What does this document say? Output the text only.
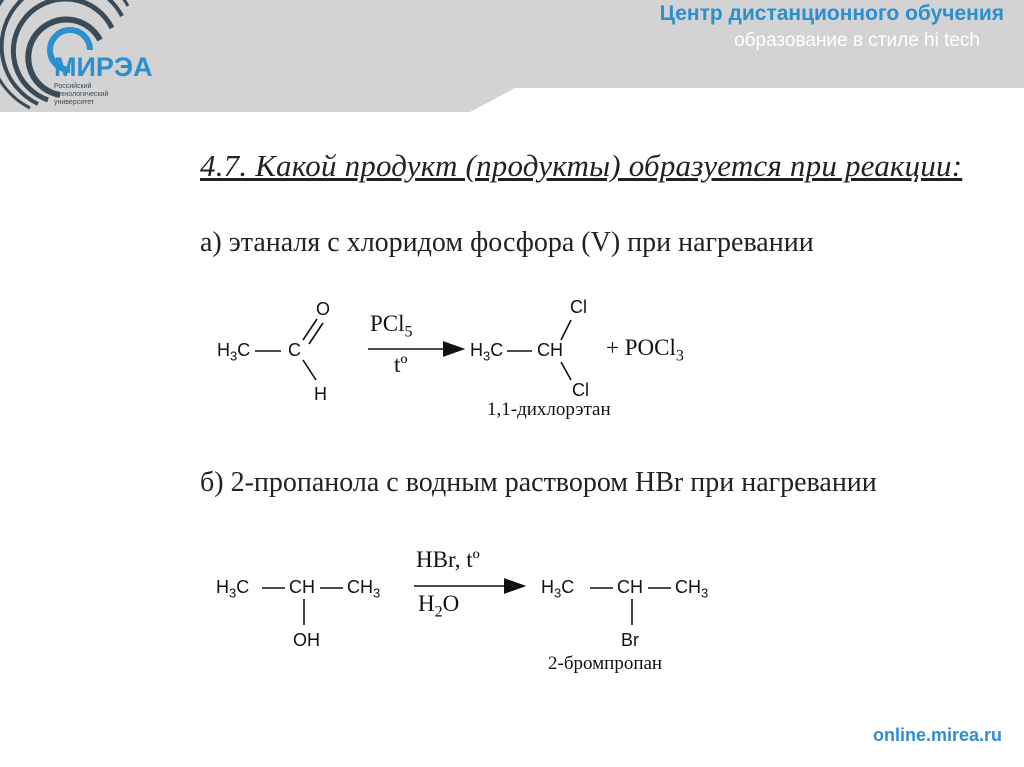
МИРЭА
Российский
технологический
университет
Центр дистанционного обучения
образование в стиле hi tech
4.7. Какой продукт (продукты) образуется при реакции:
а) этаналя с хлоридом фосфора (V) при нагревании
б) 2-пропанола с водным раствором HBr при нагревании
$H_3C$ C
O
H
PCl$_5$
tº
$H_3C$ CH
Cl
Cl
+ POCl$_3$
1,1-дихлорэтан
$H_3C$ CH $CH_3$
OH
HBr, tº
$H_2O$
$H_3C$ CH $CH_3$
Br
2-бромпропан
online.mirea.ru
